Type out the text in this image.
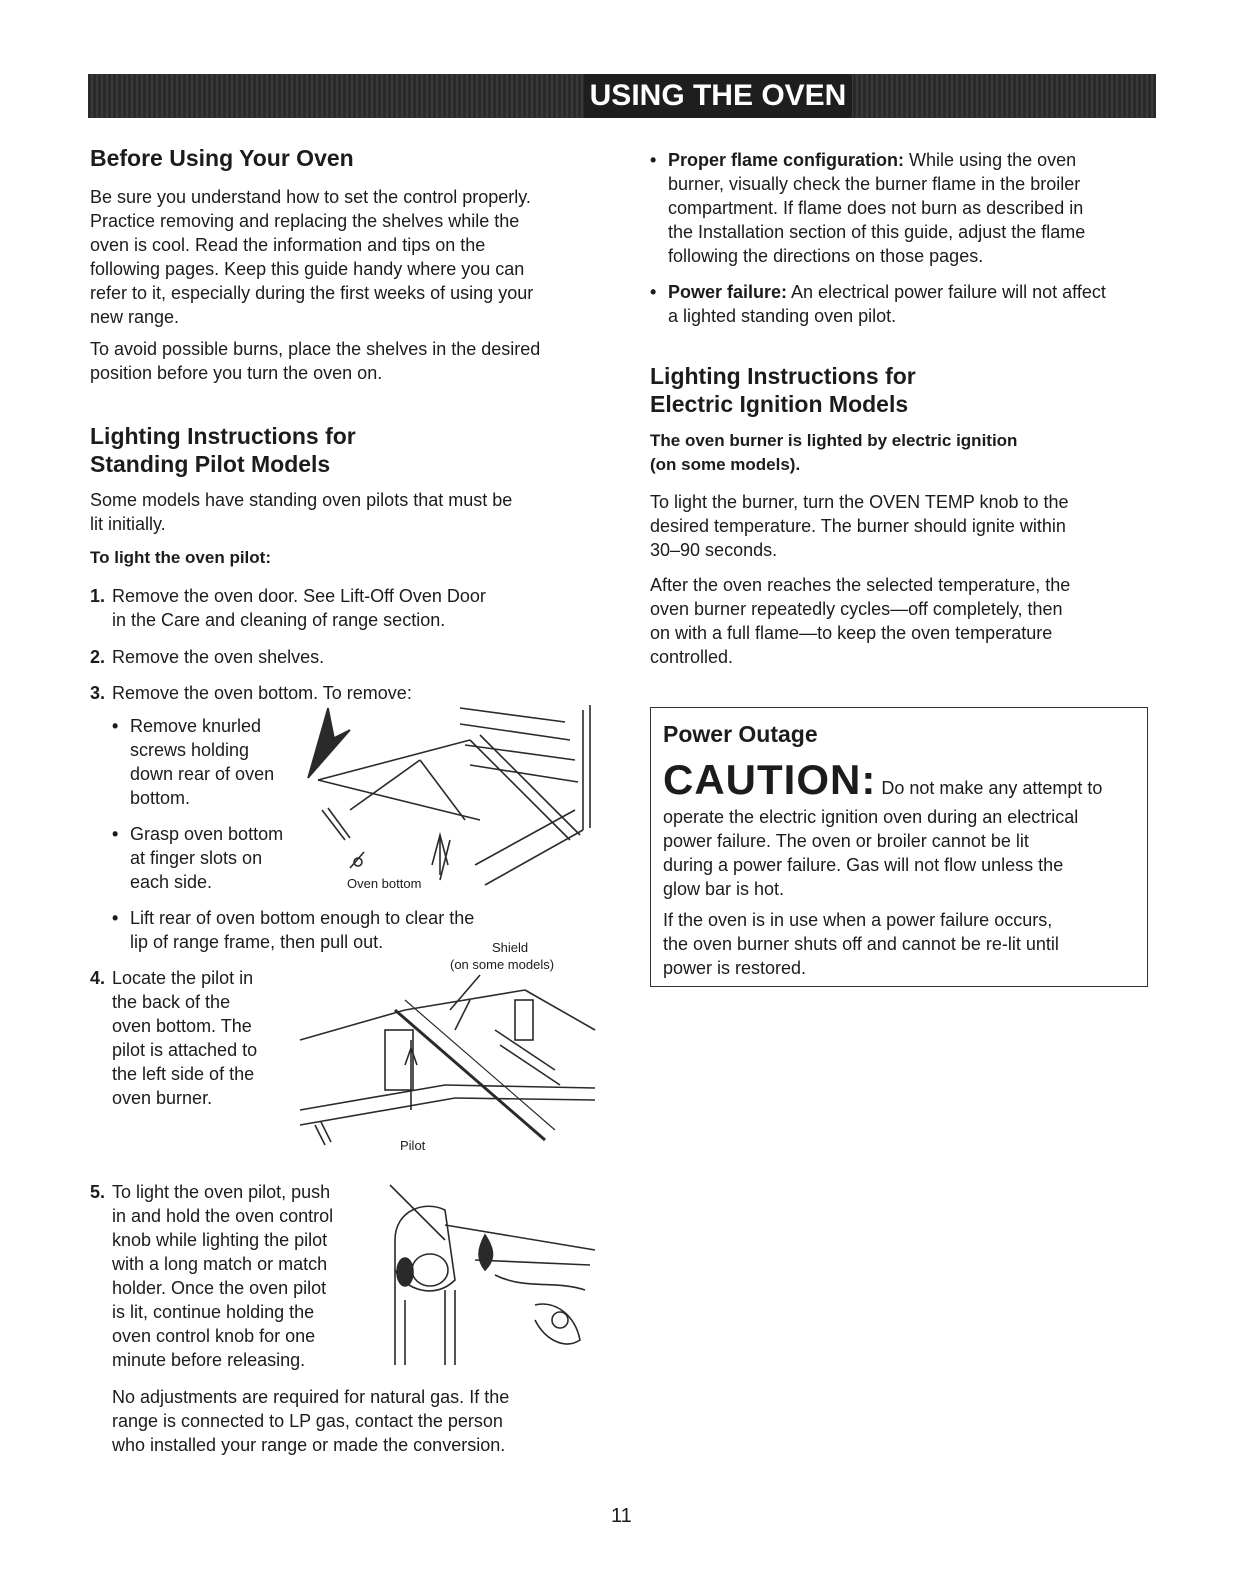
USING THE OVEN
Before Using Your Oven

Be sure you understand how to set the control properly.

Practice removing and replacing the shelves while the

oven is cool. Read the information and tips on the

following pages. Keep this guide handy where you can

refer to it, especially during the first weeks of using your

new range.

To avoid possible burns, place the shelves in the desired

position before you turn the oven on.

Lighting Instructions for
Standing Pilot Models

Some models have standing oven pilots that must be

lit initially.

To light the oven pilot:

1. Remove the oven door. See Lift-Off Oven Door

in the Care and cleaning of range section.

2. Remove the oven shelves.

3. Remove the oven bottom. To remove:

• Remove knurled

screws holding

down rear of oven

bottom.

• Grasp oven bottom

at finger slots on

each side.	Oven bottom

• Lift rear of oven bottom enough to clear the

lip of range frame, then pull out.	Shield
(on some models)

4. Locate the pilot in

the back of the

oven bottom. The

pilot is attached to

the left side of the

oven burner.

Pilot

5. To light the oven pilot, push

in and hold the oven control

knob while lighting the pilot

with a long match or match

holder. Once the oven pilot

is lit, continue holding the

oven control knob for one

minute before releasing.

No adjustments are required for natural gas. If the

range is connected to LP gas, contact the person

who installed your range or made the conversion.

• Proper flame configuration: While using the oven

burner, visually check the burner flame in the broiler

compartment. If flame does not burn as described in

the Installation section of this guide, adjust the flame

following the directions on those pages.

• Power failure: An electrical power failure will not affect

a lighted standing oven pilot.

Lighting Instructions for
Electric Ignition Models
The oven burner is lighted by electric ignition
(on some models).

To light the burner, turn the OVEN TEMP knob to the

desired temperature. The burner should ignite within

30–90 seconds.

After the oven reaches the selected temperature, the

oven burner repeatedly cycles—off completely, then

on with a full flame—to keep the oven temperature

controlled.

Power Outage
CAUTION: Do not make any attempt to

operate the electric ignition oven during an electrical

power failure. The oven or broiler cannot be lit

during a power failure. Gas will not flow unless the

glow bar is hot.

If the oven is in use when a power failure occurs,

the oven burner shuts off and cannot be re-lit until

power is restored.

11
